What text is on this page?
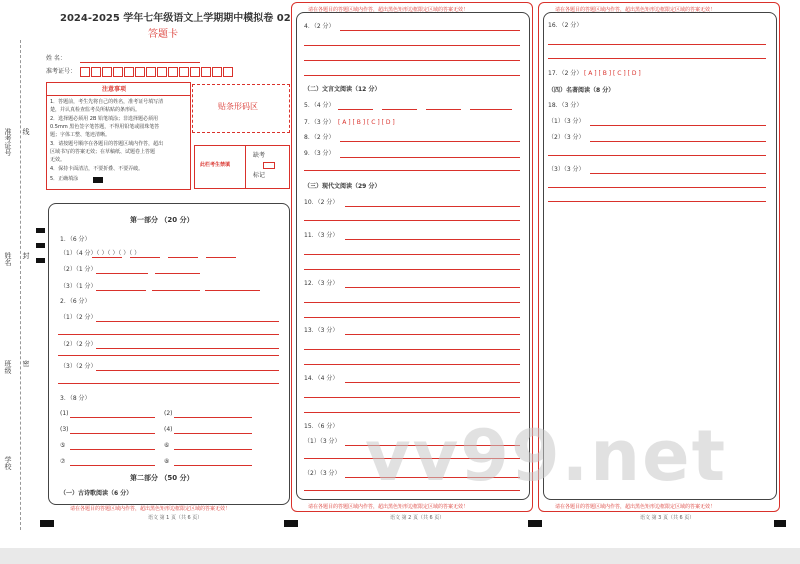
2024-2025 学年七年级语文上学期期中模拟卷 02
答题卡
姓 名：
准考证号：
注意事项
1．答题前，考生先将自己的姓名，准考证号填写清
楚，并认真检查监考员所粘贴的条形码。
2．选择题必须用 2B 铅笔填涂；非选择题必须用
0.5mm 黑色签字笔答题，不得用铅笔或圆珠笔答
题；字体工整、笔迹清晰。
3．请按题号顺序在各题目的答题区域内作答，超出
区域书写的答案无效；在草稿纸、试题卷上答题
无效。
4．保持卡面清洁，不要折叠、不要弄破。
5．正确填涂
贴条形码区
此栏考生禁填
缺考
标记
准考证号 线
姓名 封
班级 密
学校
第一部分 （20 分）
1．（6 分）
（1）（4 分）（ ）（ ）（ ）（ ）
（2）（1 分）
（3）（1 分）
2．（6 分）
（1）（2 分）
（2）（2 分）
（3）（2 分）
3．（8 分）
(1)	(2)
(3)	(4)
⑤	⑥
⑦	⑧
第二部分 （50 分）
（一）古诗歌阅读（6 分）
请在各题目的答题区域内作答，超出黑色矩形边框限定区域的答案无效！
语文 第 1 页（共 6 页）
请在各题目的答题区域内作答，超出黑色矩形边框限定区域的答案无效！
4．（2 分）
（二）文言文阅读（12 分）
5．（4 分）
7．（3 分） [ A ] [ B ] [ C ] [ D ]
8．（2 分）
9．（3 分）
（三）现代文阅读（29 分）
10．（2 分）
11．（3 分）
12．（3 分）
13．（3 分）
14．（4 分）
15．（6 分）
（1）（3 分）
（2）（3 分）
请在各题目的答题区域内作答，超出黑色矩形边框限定区域的答案无效！
语文 第 2 页（共 6 页）
请在各题目的答题区域内作答，超出黑色矩形边框限定区域的答案无效！
16．（2 分）
17．（2 分） [ A ] [ B ] [ C ] [ D ]
（四）名著阅读（8 分）
18．（3 分）
（1）（3 分）
（2）（3 分）
（3）（3 分）
请在各题目的答题区域内作答，超出黑色矩形边框限定区域的答案无效！
语文 第 3 页（共 6 页）
vv99.net
